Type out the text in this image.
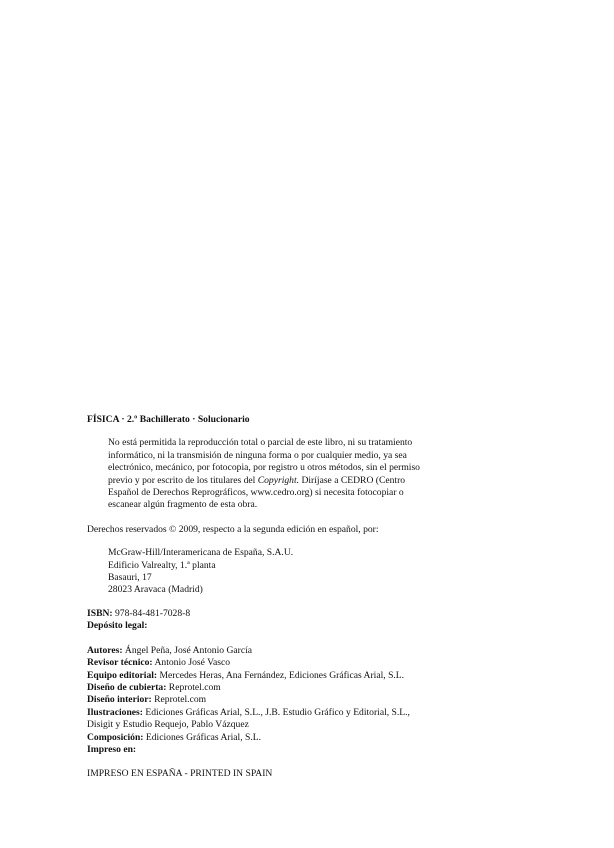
FÍSICA · 2.º Bachillerato · Solucionario
No está permitida la reproducción total o parcial de este libro, ni su tratamiento
informático, ni la transmisión de ninguna forma o por cualquier medio, ya sea
electrónico, mecánico, por fotocopia, por registro u otros métodos, sin el permiso
previo y por escrito de los titulares del Copyright. Diríjase a CEDRO (Centro
Español de Derechos Reprográficos, www.cedro.org) si necesita fotocopiar o
escanear algún fragmento de esta obra.
Derechos reservados © 2009, respecto a la segunda edición en español, por:
McGraw-Hill/Interamericana de España, S.A.U.
Edificio Valrealty, 1.ª planta
Basauri, 17
28023 Aravaca (Madrid)
ISBN: 978-84-481-7028-8
Depósito legal:
Autores: Ángel Peña, José Antonio García
Revisor técnico: Antonio José Vasco
Equipo editorial: Mercedes Heras, Ana Fernández, Ediciones Gráficas Arial, S.L.
Diseño de cubierta: Reprotel.com
Diseño interior: Reprotel.com
Ilustraciones: Ediciones Gráficas Arial, S.L., J.B. Estudio Gráfico y Editorial, S.L.,
Disigit y Estudio Requejo, Pablo Vázquez
Composición: Ediciones Gráficas Arial, S.L.
Impreso en:
IMPRESO EN ESPAÑA - PRINTED IN SPAIN
